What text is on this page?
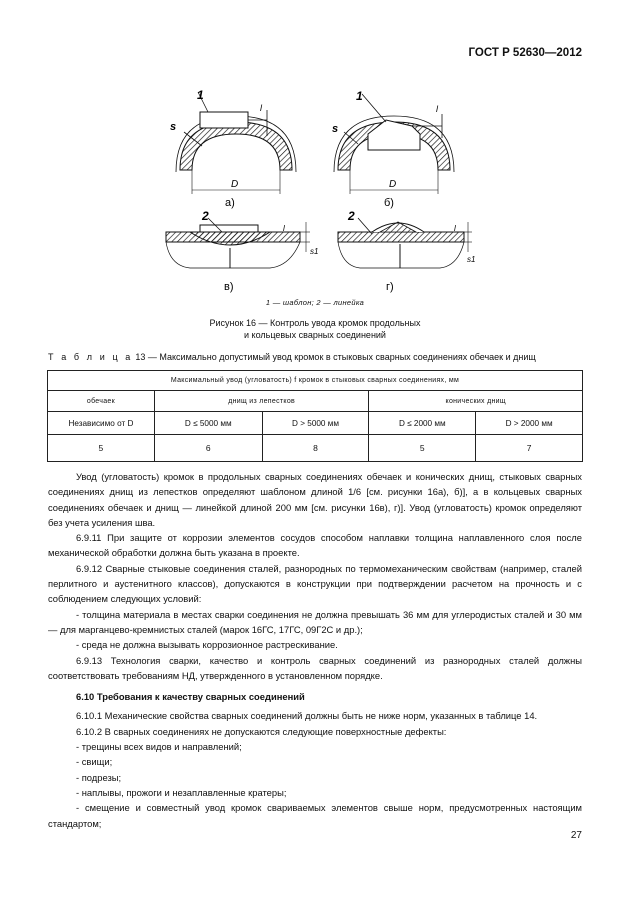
ГОСТ Р 52630—2012
1
s
l
D
а)
1
s
l
D
б)
2
l
s1
в)
2
l
s1
г)
1 — шаблон; 2 — линейка
Рисунок 16 — Контроль увода кромок продольных
и кольцевых сварных соединений
Т а б л и ц а 13 — Максимально допустимый увод кромок в стыковых сварных соединениях обечаек и днищ
Максимальный увод (угловатость) f кромок в стыковых сварных соединениях, мм				
обечаек	днищ из лепестков		конических днищ	
Независимо от D	D ≤ 5000 мм	D > 5000 мм	D ≤ 2000 мм	D > 2000 мм
5	6	8	5	7

Увод (угловатость) кромок в продольных сварных соединениях обечаек и конических днищ, стыковых сварных соединениях днищ из лепестков определяют шаблоном длиной 1/6 [см. рисунки 16а), б)], а в кольцевых сварных соединениях обечаек и днищ — линейкой длиной 200 мм [см. рисунки 16в), г)]. Увод (угловатость) кромок определяют без учета усиления шва.

6.9.11 При защите от коррозии элементов сосудов способом наплавки толщина наплавленного слоя после механической обработки должна быть указана в проекте.

6.9.12 Сварные стыковые соединения сталей, разнородных по термомеханическим свойствам (например, сталей перлитного и аустенитного классов), допускаются в конструкции при подтверждении расчетом на прочность и с соблюдением следующих условий:

- толщина материала в местах сварки соединения не должна превышать 36 мм для углеродистых сталей и 30 мм — для марганцево-кремнистых сталей (марок 16ГС, 17ГС, 09Г2С и др.);

- среда не должна вызывать коррозионное растрескивание.

6.9.13 Технология сварки, качество и контроль сварных соединений из разнородных сталей должны соответствовать требованиям НД, утвержденного в установленном порядке.

6.10 Требования к качеству сварных соединений

6.10.1 Механические свойства сварных соединений должны быть не ниже норм, указанных в таблице 14.

6.10.2 В сварных соединениях не допускаются следующие поверхностные дефекты:

- трещины всех видов и направлений;

- свищи;

- подрезы;

- наплывы, прожоги и незаплавленные кратеры;

- смещение и совместный увод кромок свариваемых элементов свыше норм, предусмотренных настоящим стандартом;

27
